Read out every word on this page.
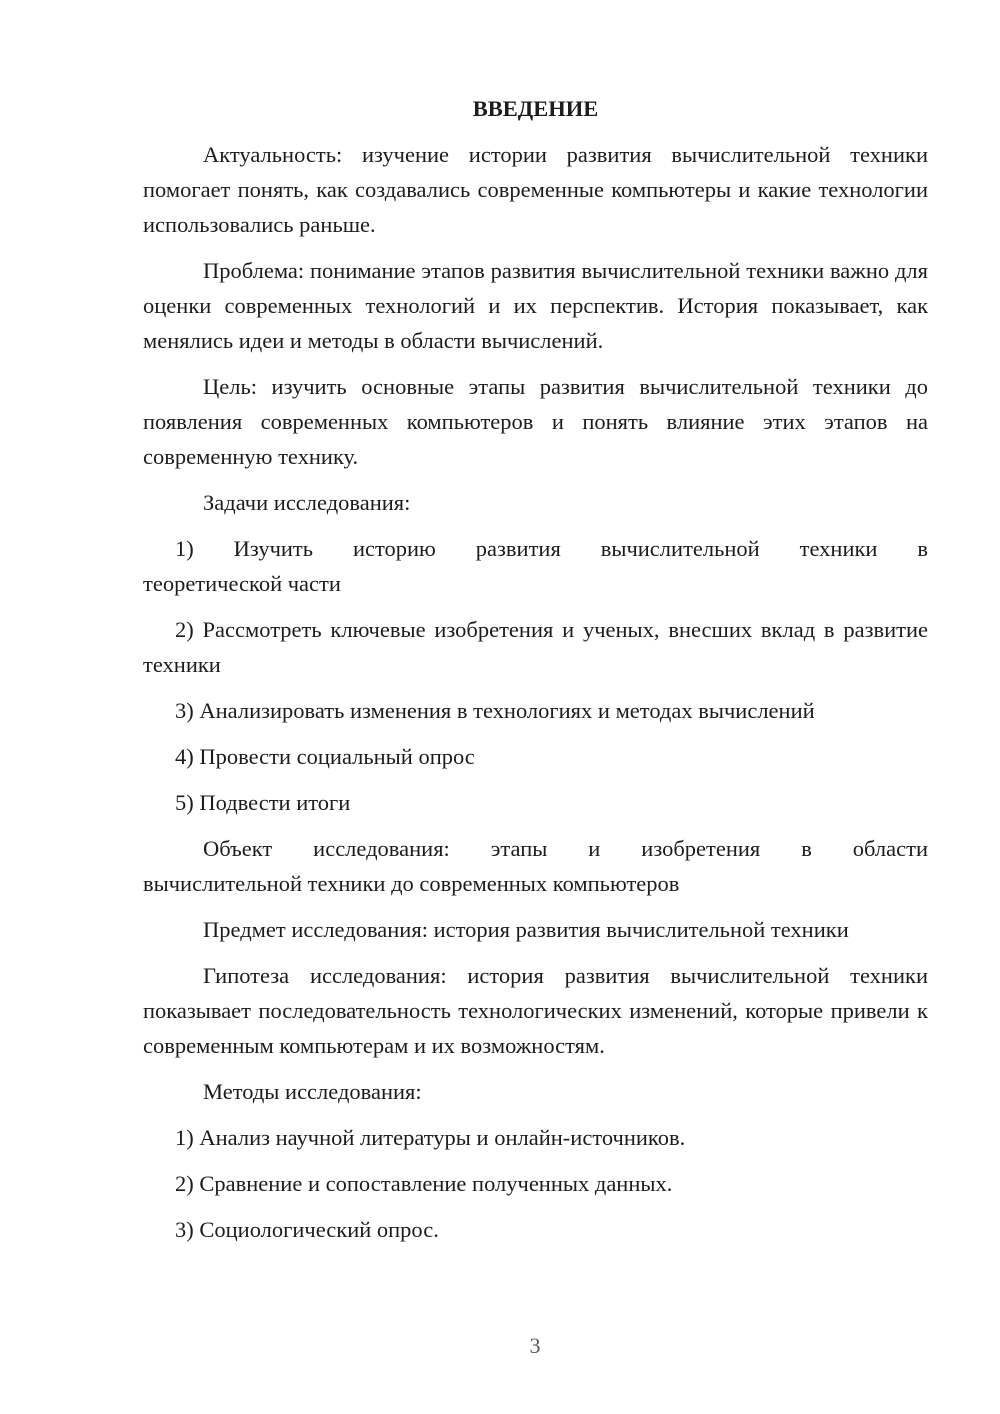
ВВЕДЕНИЕ

Актуальность: изучение истории развития вычислительной техники помогает понять, как создавались современные компьютеры и какие технологии использовались раньше.

Проблема: понимание этапов развития вычислительной техники важно для оценки современных технологий и их перспектив. История показывает, как менялись идеи и методы в области вычислений.

Цель: изучить основные этапы развития вычислительной техники до появления современных компьютеров и понять влияние этих этапов на современную технику.

Задачи исследования:

1) Изучить историю развития вычислительной техники в
теоретической части

2) Рассмотреть ключевые изобретения и ученых, внесших вклад в развитие техники

3) Анализировать изменения в технологиях и методах вычислений

4) Провести социальный опрос

5) Подвести итоги

Объект исследования: этапы и изобретения в области
вычислительной техники до современных компьютеров

Предмет исследования: история развития вычислительной техники

Гипотеза исследования: история развития вычислительной техники показывает последовательность технологических изменений, которые привели к современным компьютерам и их возможностям.

Методы исследования:

1) Анализ научной литературы и онлайн-источников.

2) Сравнение и сопоставление полученных данных.

3) Социологический опрос.

3
